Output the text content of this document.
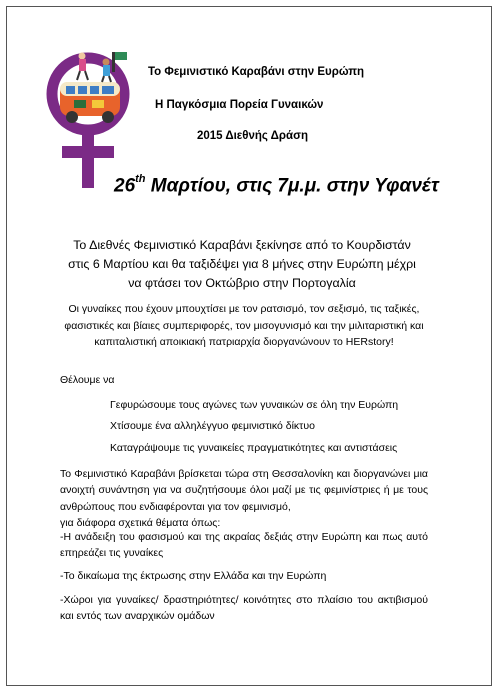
Το Φεμινιστικό Καραβάνι στην Ευρώπη
Η Παγκόσμια Πορεία Γυναικών
2015 Διεθνής Δράση
26th Μαρτίου, στις 7μ.μ. στην Υφανέτ
Το Διεθνές Φεμινιστικό Καραβάνι ξεκίνησε από το Κουρδιστάν στις 6 Μαρτίου και θα ταξιδέψει για 8 μήνες στην Ευρώπη μέχρι να φτάσει τον Οκτώβριο στην Πορτογαλία
Οι γυναίκες που έχουν μπουχτίσει με τον ρατσισμό, τον σεξισμό, τις ταξικές, φασιστικές και βίαιες συμπεριφορές, τον μισογυνισμό και την μιλιταριστική και καπιταλιστική αποικιακή πατριαρχία διοργανώνουν το HERstory!
Θέλουμε να
Γεφυρώσουμε τους αγώνες των γυναικών σε όλη την Ευρώπη
Χτίσουμε ένα αλληλέγγυο φεμινιστικό δίκτυο
Καταγράψουμε τις γυναικείες πραγματικότητες και αντιστάσεις
Το Φεμινιστικό Καραβάνι βρίσκεται τώρα στη Θεσσαλονίκη και διοργανώνει μια ανοιχτή συνάντηση για να συζητήσουμε όλοι μαζί με τις φεμινίστριες ή με τους ανθρώπους που ενδιαφέρονται για τον φεμινισμό,
για διάφορα σχετικά θέματα όπως:
-Η ανάδειξη του φασισμού και της ακραίας δεξιάς στην Ευρώπη και πως αυτό επηρεάζει τις γυναίκες
-Το δικαίωμα της έκτρωσης στην Ελλάδα και την Ευρώπη
-Χώροι για γυναίκες/ δραστηριότητες/ κοινότητες στο πλαίσιο του ακτιβισμού και εντός των αναρχικών ομάδων
